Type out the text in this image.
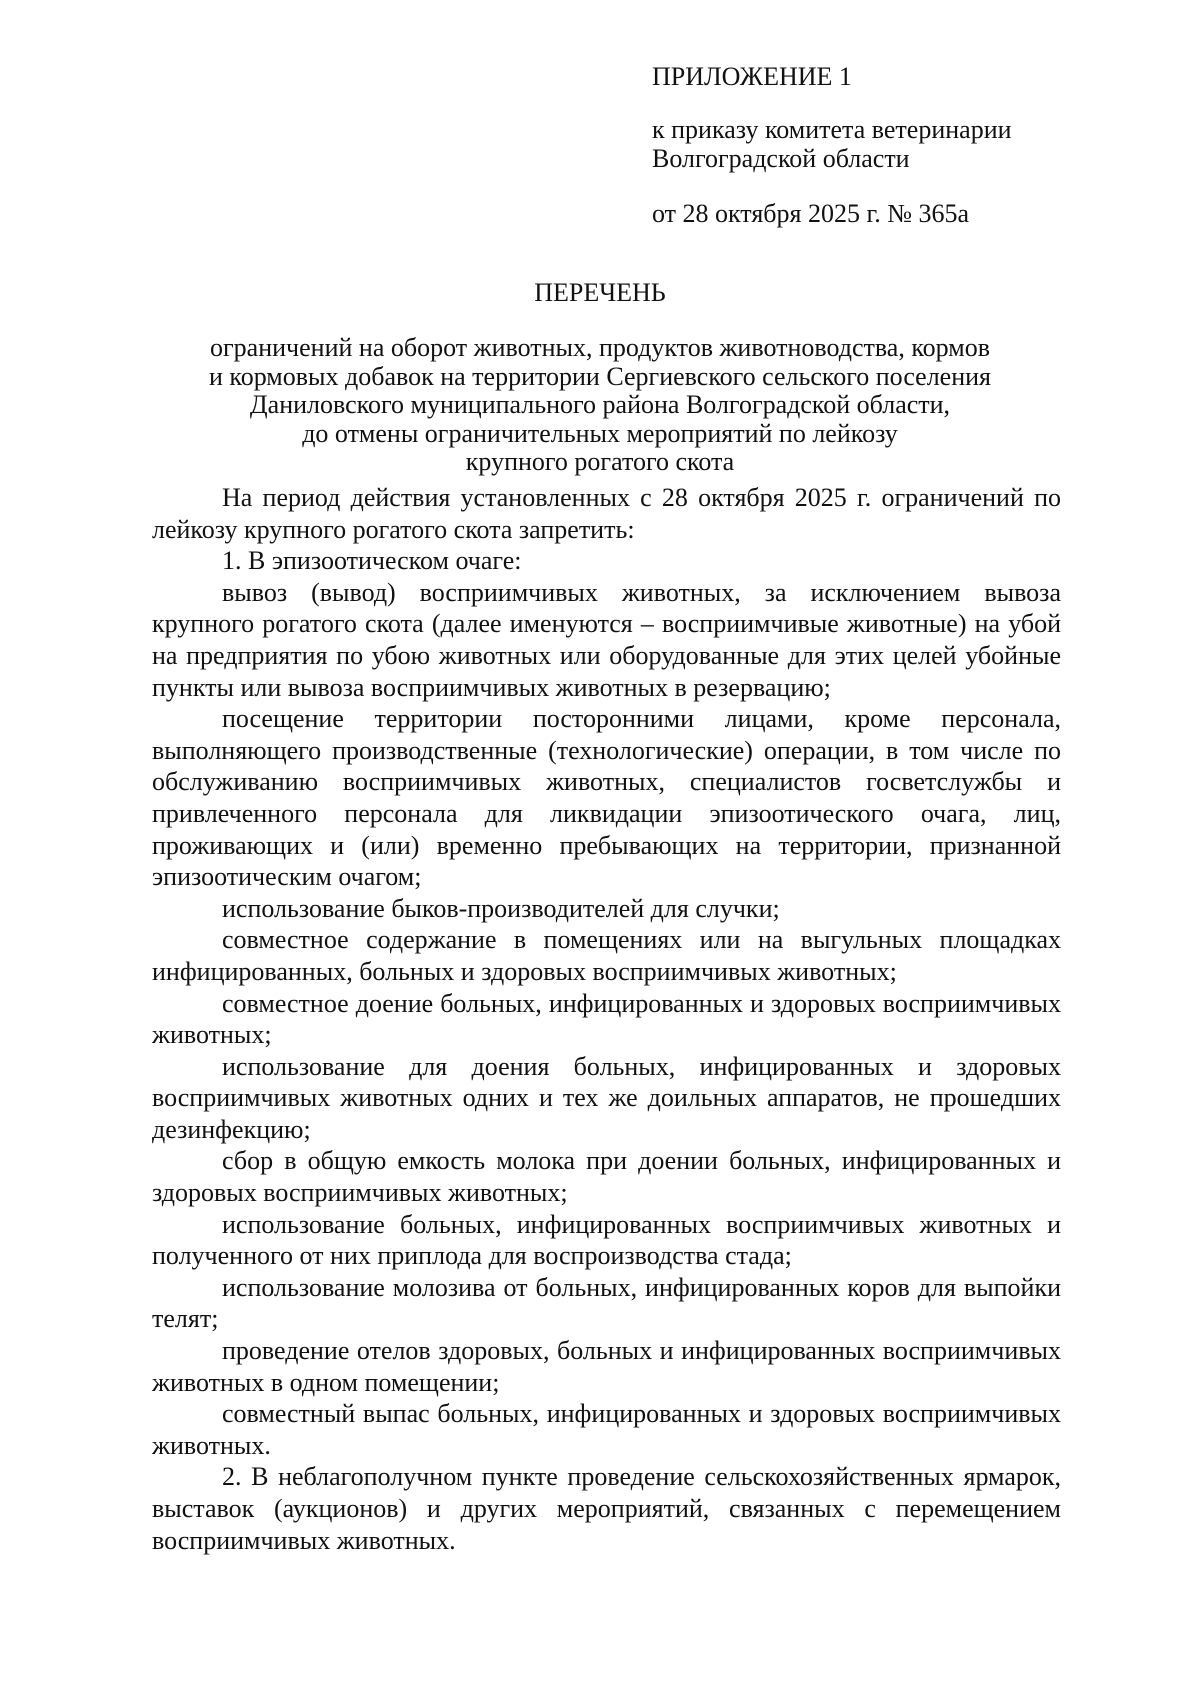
ПРИЛОЖЕНИЕ 1
к приказу комитета ветеринарии
Волгоградской области
от 28 октября 2025 г. № 365а
ПЕРЕЧЕНЬ
ограничений на оборот животных, продуктов животноводства, кормов
и кормовых добавок на территории Сергиевского сельского поселения
Даниловского муниципального района Волгоградской области,
до отмены ограничительных мероприятий по лейкозу
крупного рогатого скота

На период действия установленных с 28 октября 2025 г. ограничений по лейкозу крупного рогатого скота запретить:

1. В эпизоотическом очаге:

вывоз (вывод) восприимчивых животных, за исключением вывоза крупного рогатого скота (далее именуются – восприимчивые животные) на убой на предприятия по убою животных или оборудованные для этих целей убойные пункты или вывоза восприимчивых животных в резервацию;

посещение территории посторонними лицами, кроме персонала, выполняющего производственные (технологические) операции, в том числе по обслуживанию восприимчивых животных, специалистов госветслужбы и привлеченного персонала для ликвидации эпизоотического очага, лиц, проживающих и (или) временно пребывающих на территории, признанной эпизоотическим очагом;

использование быков-производителей для случки;

совместное содержание в помещениях или на выгульных площадках инфицированных, больных и здоровых восприимчивых животных;

совместное доение больных, инфицированных и здоровых восприимчивых животных;

использование для доения больных, инфицированных и здоровых восприимчивых животных одних и тех же доильных аппаратов, не прошедших дезинфекцию;

сбор в общую емкость молока при доении больных, инфицированных и здоровых восприимчивых животных;

использование больных, инфицированных восприимчивых животных и полученного от них приплода для воспроизводства стада;

использование молозива от больных, инфицированных коров для выпойки телят;

проведение отелов здоровых, больных и инфицированных восприимчивых животных в одном помещении;

совместный выпас больных, инфицированных и здоровых восприимчивых животных.

2. В неблагополучном пункте проведение сельскохозяйственных ярмарок, выставок (аукционов) и других мероприятий, связанных с перемещением восприимчивых животных.
